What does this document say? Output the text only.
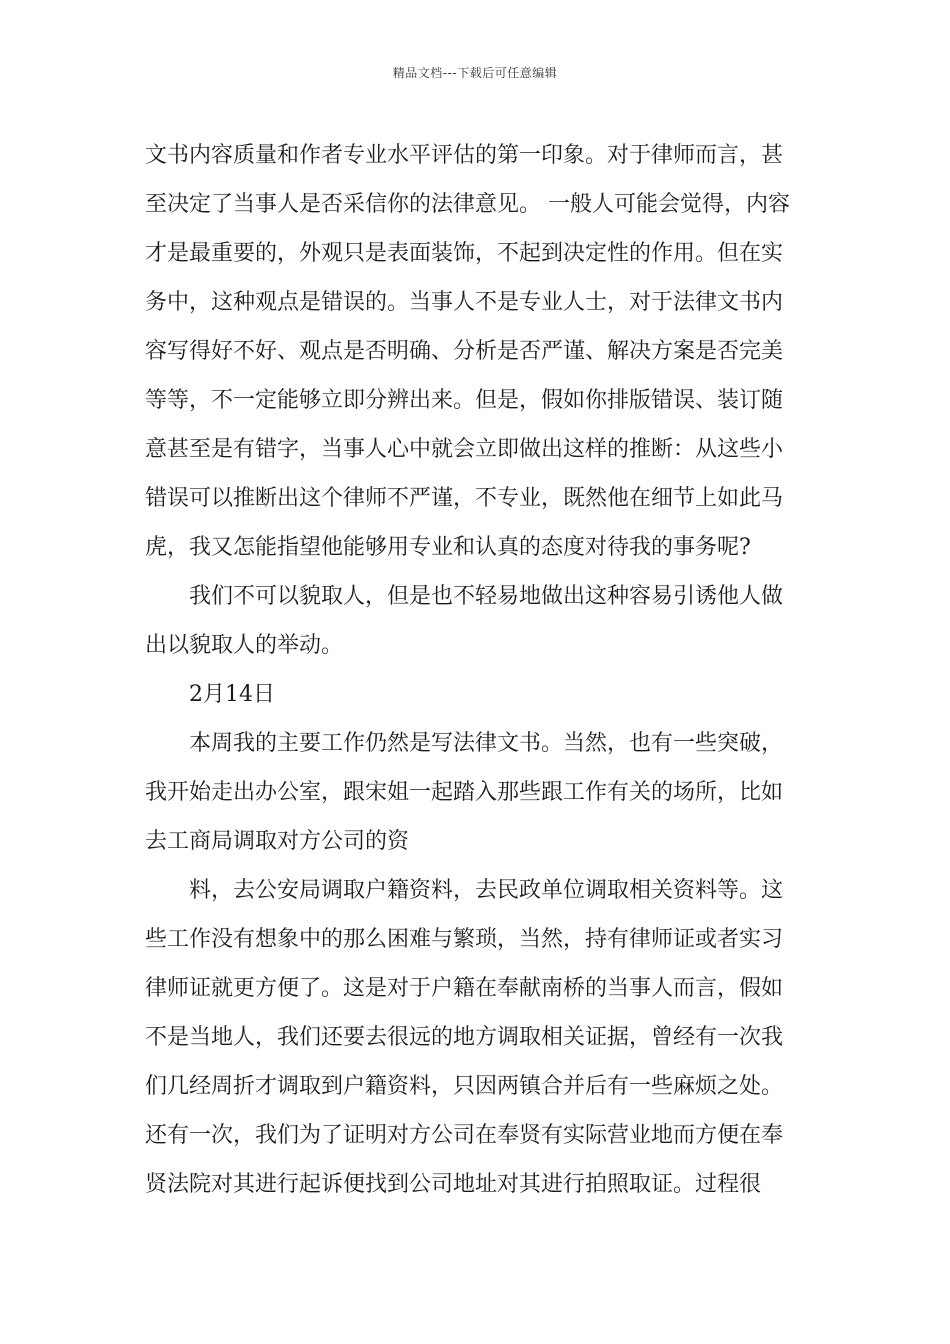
精品文档---下载后可任意编辑
文书内容质量和作者专业水平评估的第一印象。对于律师而言，甚
至决定了当事人是否采信你的法律意见。 一般人可能会觉得，内容
才是最重要的，外观只是表面装饰，不起到决定性的作用。但在实
务中，这种观点是错误的。当事人不是专业人士，对于法律文书内
容写得好不好、观点是否明确、分析是否严谨、解决方案是否完美
等等，不一定能够立即分辨出来。但是，假如你排版错误、装订随
意甚至是有错字，当事人心中就会立即做出这样的推断：从这些小
错误可以推断出这个律师不严谨，不专业，既然他在细节上如此马
虎，我又怎能指望他能够用专业和认真的态度对待我的事务呢?
我们不可以貌取人，但是也不轻易地做出这种容易引诱他人做
出以貌取人的举动。
2月14日
本周我的主要工作仍然是写法律文书。当然，也有一些突破，
我开始走出办公室，跟宋姐一起踏入那些跟工作有关的场所，比如
去工商局调取对方公司的资
料，去公安局调取户籍资料，去民政单位调取相关资料等。这
些工作没有想象中的那么困难与繁琐，当然，持有律师证或者实习
律师证就更方便了。这是对于户籍在奉献南桥的当事人而言，假如
不是当地人，我们还要去很远的地方调取相关证据，曾经有一次我
们几经周折才调取到户籍资料，只因两镇合并后有一些麻烦之处。
还有一次，我们为了证明对方公司在奉贤有实际营业地而方便在奉
贤法院对其进行起诉便找到公司地址对其进行拍照取证。过程很
